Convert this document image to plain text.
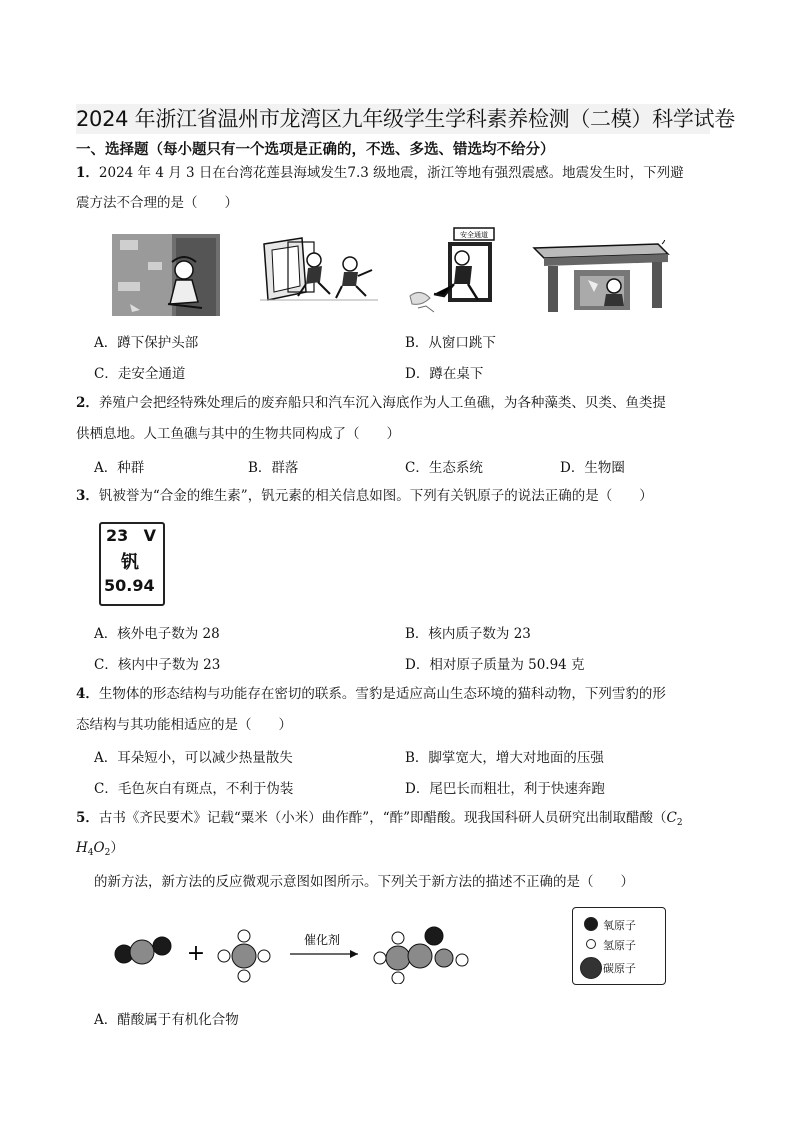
2024 年浙江省温州市龙湾区九年级学生学科素养检测（二模）科学试卷
一、选择题（每小题只有一个选项是正确的，不选、多选、错选均不给分）
1．2024 年 4 月 3 日在台湾花莲县海域发生7.3 级地震，浙江等地有强烈震感。地震发生时，下列避
震方法不合理的是（　　）
安全通道
A．蹲下保护头部	B．从窗口跳下
C．走安全通道	D．蹲在桌下
2．养殖户会把经特殊处理后的废弃船只和汽车沉入海底作为人工鱼礁，为各种藻类、贝类、鱼类提
供栖息地。人工鱼礁与其中的生物共同构成了（　　）
A．种群	B．群落	C．生态系统	D．生物圈
3．钒被誉为“合金的维生素”，钒元素的相关信息如图。下列有关钒原子的说法正确的是（　　）
23 V
钒
50.94
A．核外电子数为 28	B．核内质子数为 23
C．核内中子数为 23	D．相对原子质量为 50.94 克
4．生物体的形态结构与功能存在密切的联系。雪豹是适应高山生态环境的猫科动物，下列雪豹的形
态结构与其功能相适应的是（　　）
A．耳朵短小，可以减少热量散失	B．脚掌宽大，增大对地面的压强
C．毛色灰白有斑点，不利于伪装	D．尾巴长而粗壮，利于快速奔跑
5．古书《齐民要术》记载“粟米（小米）曲作酢”，“酢”即醋酸。现我国科研人员研究出制取醋酸（$C_2$
$H_4O_2$）
的新方法，新方法的反应微观示意图如图所示。下列关于新方法的描述不正确的是（　　）
+
催化剂
氧原子
氢原子
碳原子
A．醋酸属于有机化合物
